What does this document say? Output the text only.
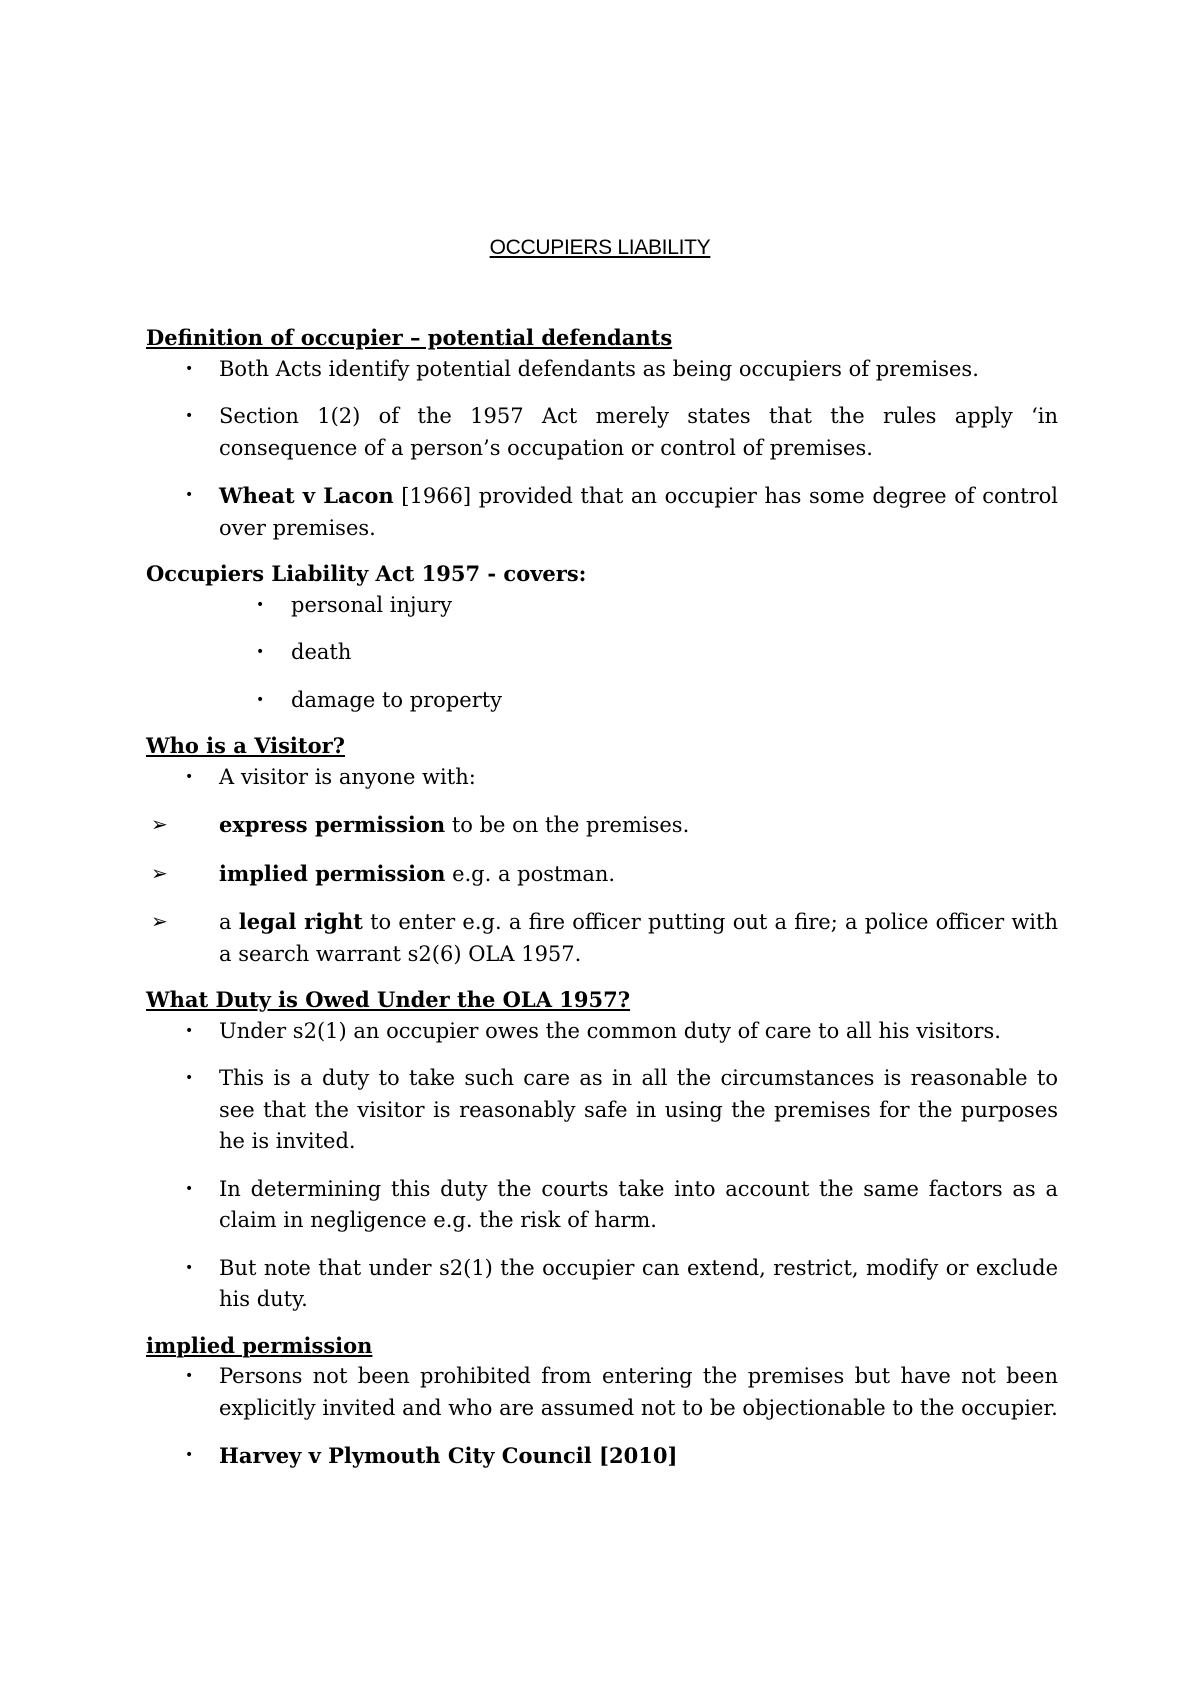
OCCUPIERS LIABILITY

Definition of occupier – potential defendants

• Both Acts identify potential defendants as being occupiers of premises.
• Section 1(2) of the 1957 Act merely states that the rules apply ‘in consequence of a person’s occupation or control of premises.
• Wheat v Lacon [1966] provided that an occupier has some degree of control over premises.

Occupiers Liability Act 1957 - covers:

• personal injury
• death
• damage to property

Who is a Visitor?

• A visitor is anyone with:
➢ express permission to be on the premises.
➢ implied permission e.g. a postman.
➢ a legal right to enter e.g. a fire officer putting out a fire; a police officer with a search warrant s2(6) OLA 1957.

What Duty is Owed Under the OLA 1957?

• Under s2(1) an occupier owes the common duty of care to all his visitors.
• This is a duty to take such care as in all the circumstances is reasonable to see that the visitor is reasonably safe in using the premises for the purposes he is invited.
• In determining this duty the courts take into account the same factors as a claim in negligence e.g. the risk of harm.
• But note that under s2(1) the occupier can extend, restrict, modify or exclude his duty.

implied permission

• Persons not been prohibited from entering the premises but have not been explicitly invited and who are assumed not to be objectionable to the occupier.
• Harvey v Plymouth City Council [2010]
